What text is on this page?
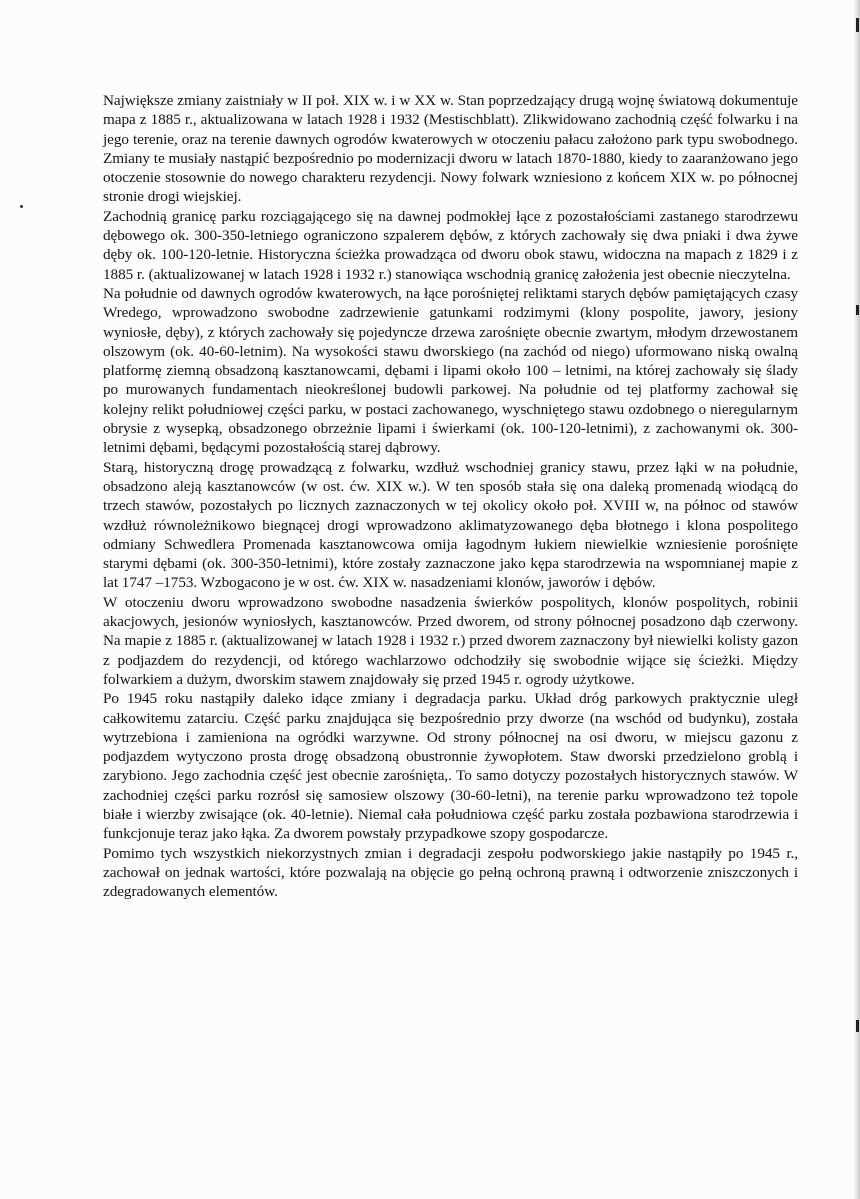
Największe zmiany zaistniały w II poł. XIX w. i w XX w. Stan poprzedzający drugą wojnę światową dokumentuje mapa z 1885 r., aktualizowana w latach 1928 i 1932 (Mestischblatt). Zlikwidowano zachodnią część folwarku i na jego terenie, oraz na terenie dawnych ogrodów kwaterowych w otoczeniu pałacu założono park typu swobodnego. Zmiany te musiały nastąpić bezpośrednio po modernizacji dworu w latach 1870-1880, kiedy to zaaranżowano jego otoczenie stosownie do nowego charakteru rezydencji. Nowy folwark wzniesiono z końcem XIX w. po północnej stronie drogi wiejskiej.

Zachodnią granicę parku rozciągającego się na dawnej podmokłej łące z pozostałościami zastanego starodrzewu dębowego ok. 300-350-letniego ograniczono szpalerem dębów, z których zachowały się dwa pniaki i dwa żywe dęby ok. 100-120-letnie. Historyczna ścieżka prowadząca od dworu obok stawu, widoczna na mapach z 1829 i z 1885 r. (aktualizowanej w latach 1928 i 1932 r.) stanowiąca wschodnią granicę założenia jest obecnie nieczytelna.

Na południe od dawnych ogrodów kwaterowych, na łące porośniętej reliktami starych dębów pamiętających czasy Wredego, wprowadzono swobodne zadrzewienie gatunkami rodzimymi (klony pospolite, jawory, jesiony wyniosłe, dęby), z których zachowały się pojedyncze drzewa zarośnięte obecnie zwartym, młodym drzewostanem olszowym (ok. 40-60-letnim). Na wysokości stawu dworskiego (na zachód od niego) uformowano niską owalną platformę ziemną obsadzoną kasztanowcami, dębami i lipami około 100 – letnimi, na której zachowały się ślady po murowanych fundamentach nieokreślonej budowli parkowej. Na południe od tej platformy zachował się kolejny relikt południowej części parku, w postaci zachowanego, wyschniętego stawu ozdobnego o nieregularnym obrysie z wysepką, obsadzonego obrzeżnie lipami i świerkami (ok. 100-120-letnimi), z zachowanymi ok. 300-letnimi dębami, będącymi pozostałością starej dąbrowy.

Starą, historyczną drogę prowadzącą z folwarku, wzdłuż wschodniej granicy stawu, przez łąki w na południe, obsadzono aleją kasztanowców (w ost. ćw. XIX w.). W ten sposób stała się ona daleką promenadą wiodącą do trzech stawów, pozostałych po licznych zaznaczonych w tej okolicy około poł. XVIII w, na północ od stawów wzdłuż równoleżnikowo biegnącej drogi wprowadzono aklimatyzowanego dęba błotnego i klona pospolitego odmiany Schwedlera Promenada kasztanowcowa omija łagodnym łukiem niewielkie wzniesienie porośnięte starymi dębami (ok. 300-350-letnimi), które zostały zaznaczone jako kępa starodrzewia na wspomnianej mapie z lat 1747 –1753. Wzbogacono je w ost. ćw. XIX w. nasadzeniami klonów, jaworów i dębów.

W otoczeniu dworu wprowadzono swobodne nasadzenia świerków pospolitych, klonów pospolitych, robinii akacjowych, jesionów wyniosłych, kasztanowców. Przed dworem, od strony północnej posadzono dąb czerwony. Na mapie z 1885 r. (aktualizowanej w latach 1928 i 1932 r.) przed dworem zaznaczony był niewielki kolisty gazon z podjazdem do rezydencji, od którego wachlarzowo odchodziły się swobodnie wijące się ścieżki. Między folwarkiem a dużym, dworskim stawem znajdowały się przed 1945 r. ogrody użytkowe.

Po 1945 roku nastąpiły daleko idące zmiany i degradacja parku. Układ dróg parkowych praktycznie uległ całkowitemu zatarciu. Część parku znajdująca się bezpośrednio przy dworze (na wschód od budynku), została wytrzebiona i zamieniona na ogródki warzywne. Od strony północnej na osi dworu, w miejscu gazonu z podjazdem wytyczono prosta drogę obsadzoną obustronnie żywopłotem. Staw dworski przedzielono groblą i zarybiono. Jego zachodnia część jest obecnie zarośnięta,. To samo dotyczy pozostałych historycznych stawów. W zachodniej części parku rozrósł się samosiew olszowy (30-60-letni), na terenie parku wprowadzono też topole białe i wierzby zwisające (ok. 40-letnie). Niemal cała południowa część parku została pozbawiona starodrzewia i funkcjonuje teraz jako łąka. Za dworem powstały przypadkowe szopy gospodarcze.

Pomimo tych wszystkich niekorzystnych zmian i degradacji zespołu podworskiego jakie nastąpiły po 1945 r., zachował on jednak wartości, które pozwalają na objęcie go pełną ochroną prawną i odtworzenie zniszczonych i zdegradowanych elementów.
